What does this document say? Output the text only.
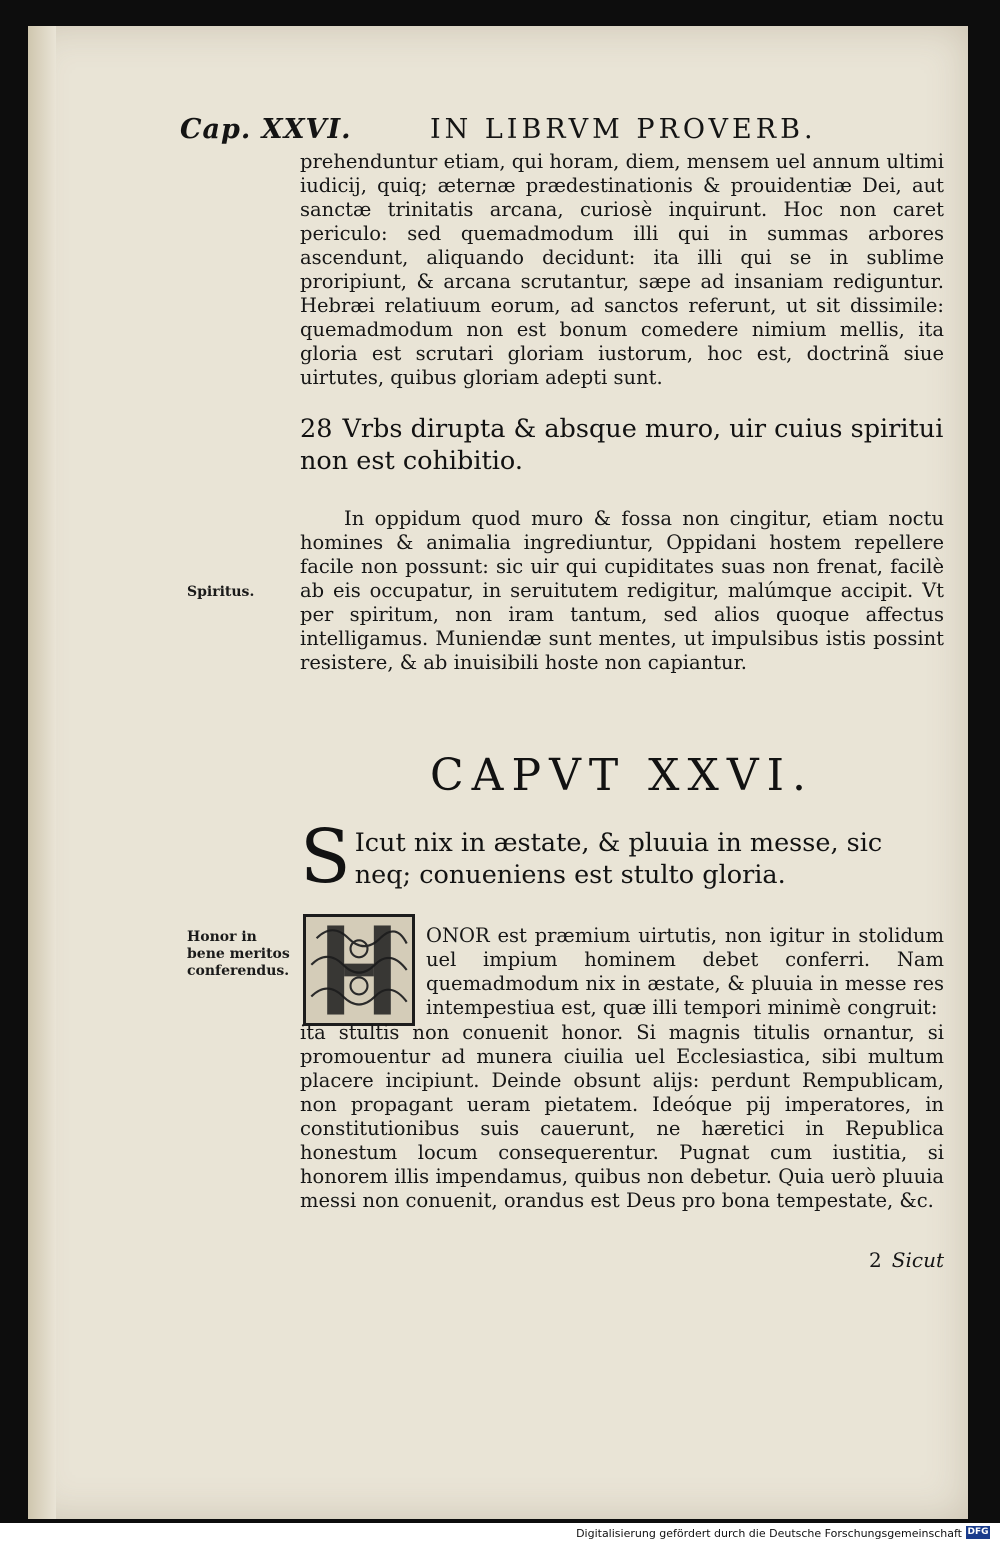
Cap. XXVI.	IN LIBRVM PROVERB.
prehenduntur etiam, qui horam, diem, mensem uel annum ultimi iudicij, quiq; æternæ prædestinationis & prouidentiæ Dei, aut sanctæ trinitatis arcana, curiosè inquirunt. Hoc non caret periculo: sed quemadmodum illi qui in summas arbores ascendunt, aliquando decidunt: ita illi qui se in sublime proripiunt, & arcana scrutantur, sæpe ad insaniam rediguntur. Hebræi relatiuum eorum, ad sanctos referunt, ut sit dissimile: quemadmodum non est bonum comedere nimium mellis, ita gloria est scrutari gloriam iustorum, hoc est, doctrinã siue uirtutes, quibus gloriam adepti sunt.
28 Vrbs dirupta & absque muro, uir cuius spiritui non est cohibitio.
Spiritus.
In oppidum quod muro & fossa non cingitur, etiam noctu homines & animalia ingrediuntur, Oppidani hostem repellere facile non possunt: sic uir qui cupiditates suas non frenat, facilè ab eis occupatur, in seruitutem redigitur, malúmque accipit. Vt per spiritum, non iram tantum, sed alios quoque affectus intelligamus. Muniendæ sunt mentes, ut impulsibus istis possint resistere, & ab inuisibili hoste non capiantur.
CAPVT XXVI.
S Icut nix in æstate, & pluuia in messe, sic neq; conueniens est stulto gloria.
Honor in bene meritos conferendus.
ONOR est præmium uirtutis, non igitur in stolidum uel impium hominem debet conferri. Nam quemadmodum nix in æstate, & pluuia in messe res intempestiua est, quæ illi tempori minimè congruit:
ita stultis non conuenit honor. Si magnis titulis ornantur, si promouentur ad munera ciuilia uel Ecclesiastica, sibi multum placere incipiunt. Deinde obsunt alijs: perdunt Rempublicam, non propagant ueram pietatem. Ideóque pij imperatores, in constitutionibus suis cauerunt, ne hæretici in Republica honestum locum consequerentur. Pugnat cum iustitia, si honorem illis impendamus, quibus non debetur. Quia uerò pluuia messi non conuenit, orandus est Deus pro bona tempestate, &c.
2 Sicut
Digitalisierung gefördert durch die Deutsche Forschungsgemeinschaft DFG
